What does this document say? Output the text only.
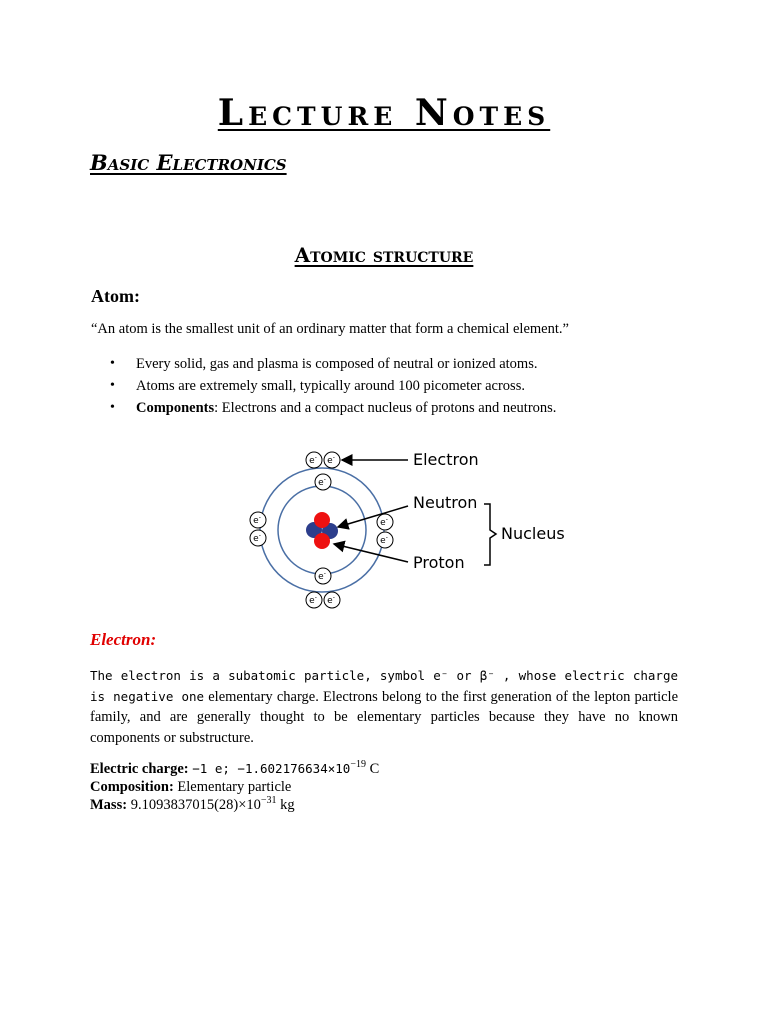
Lecture Notes
Basic Electronics
Atomic structure
Atom:
“An atom is the smallest unit of an ordinary matter that form a chemical element.”
• Every solid, gas and plasma is composed of neutral or ionized atoms.
• Atoms are extremely small, typically around 100 picometer across.
• Components: Electrons and a compact nucleus of protons and neutrons.
e- e-
e-
e-
e-
e-
e-
e-
e- e-
Electron
Neutron
Proton
Nucleus
Electron:
The electron is a subatomic particle, symbol e⁻ or β⁻ , whose electric charge is negative one elementary charge. Electrons belong to the first generation of the lepton particle family, and are generally thought to be elementary particles because they have no known components or substructure.
Electric charge: −1 e; $-1.602176634\times 10^{-19}$ C
Composition: Elementary particle
Mass: $9.1093837015(28)\times 10^{-31}$ kg
